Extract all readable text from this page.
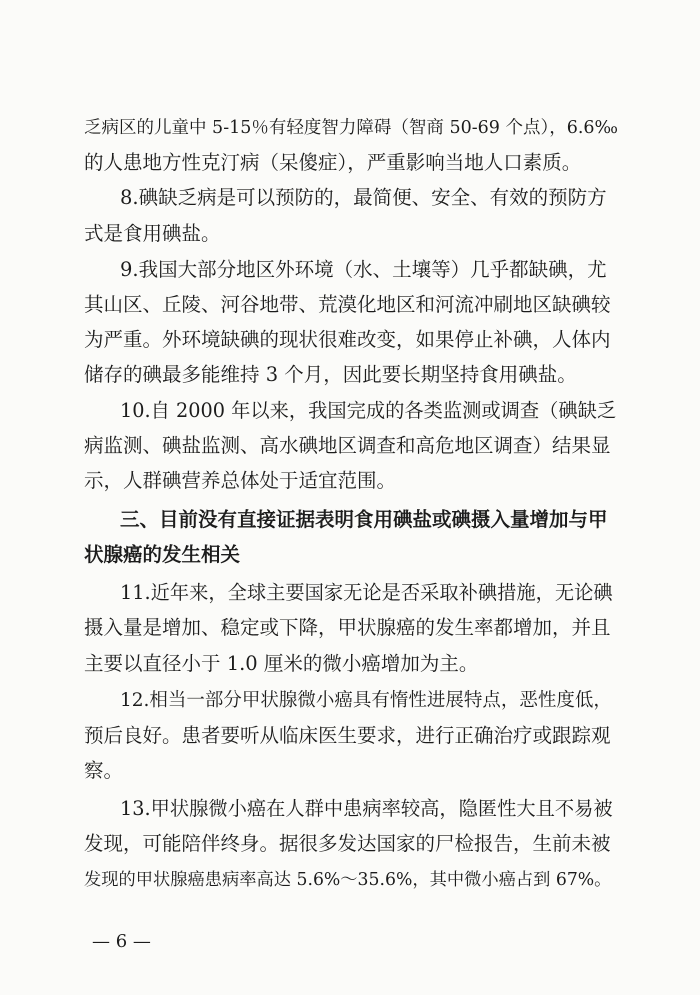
乏病区的儿童中 5-15％有轻度智力障碍（智商 50-69 个点），6.6‰
的人患地方性克汀病（呆傻症），严重影响当地人口素质。
8.碘缺乏病是可以预防的，最简便、安全、有效的预防方
式是食用碘盐。
9.我国大部分地区外环境（水、土壤等）几乎都缺碘，尤
其山区、丘陵、河谷地带、荒漠化地区和河流冲刷地区缺碘较
为严重。外环境缺碘的现状很难改变，如果停止补碘，人体内
储存的碘最多能维持 3 个月，因此要长期坚持食用碘盐。
10.自 2000 年以来，我国完成的各类监测或调查（碘缺乏
病监测、碘盐监测、高水碘地区调查和高危地区调查）结果显
示，人群碘营养总体处于适宜范围。
三、目前没有直接证据表明食用碘盐或碘摄入量增加与甲
状腺癌的发生相关
11.近年来，全球主要国家无论是否采取补碘措施，无论碘
摄入量是增加、稳定或下降，甲状腺癌的发生率都增加，并且
主要以直径小于 1.0 厘米的微小癌增加为主。
12.相当一部分甲状腺微小癌具有惰性进展特点，恶性度低，
预后良好。患者要听从临床医生要求，进行正确治疗或跟踪观
察。
13.甲状腺微小癌在人群中患病率较高，隐匿性大且不易被
发现，可能陪伴终身。据很多发达国家的尸检报告，生前未被
发现的甲状腺癌患病率高达 5.6%～35.6%，其中微小癌占到 67%。
— 6 —
